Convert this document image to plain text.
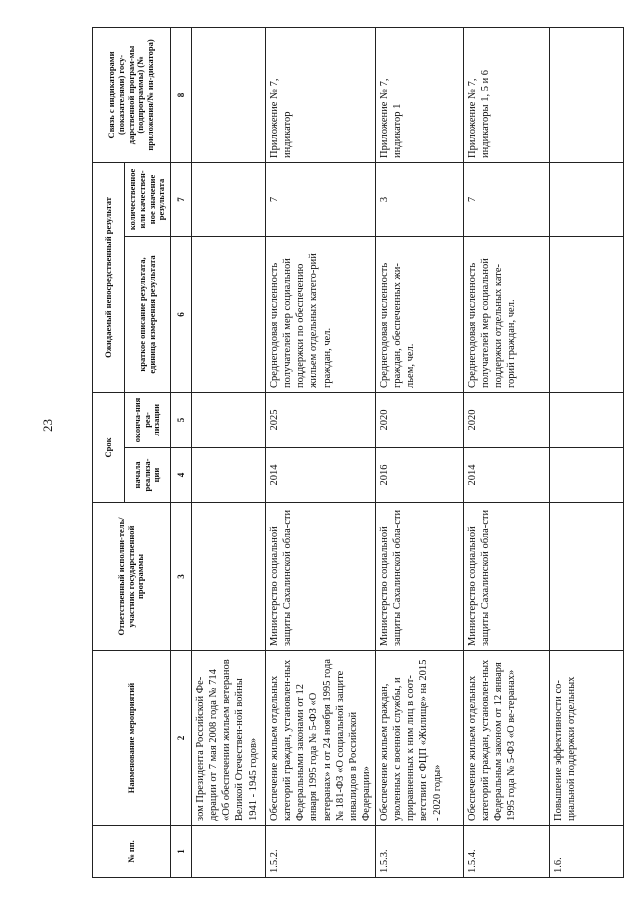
23
№ пп.	Наименование мероприятий	Ответственный исполни-тель/участник государственной программы	Срок		Ожидаемый непосредственный результат		Связь с индикаторами (показателями) госу-дарственной програм-мы (подпрограммы) (№ приложения/№ ин-дикатора)
			начала реализа-ции	оконча-ния реа-лизации	краткое описание результата, единица измерения результата	количественное или качествен-ное значение результата	
1	2	3	4	5	6	7	8
	зом Президента Российской Фе-дерации от 7 мая 2008 года № 714 «Об обеспечении жильем ветеранов Великой Отечествен-ной войны 1941 - 1945 годов»						
1.5.2.	Обеспечение жильем отдельных категорий граждан, установлен-ных Федеральными законами от 12 января 1995 года № 5-ФЗ «О ветеранах» и от 24 ноября 1995 года № 181-ФЗ «О социальной защите инвалидов в Российской Федерации»	Министерство социальной защиты Сахалинской обла-сти	2014	2025	Среднегодовая численность получателей мер социальной поддержки по обеспечению жильем отдельных катего-рий граждан, чел.	7	Приложение № 7, индикатор
1.5.3.	Обеспечение жильем граждан, уволенных с военной службы, и приравненных к ним лиц в соот-ветствии с ФЦП «Жилище» на 2015 - 2020 годы»	Министерство социальной защиты Сахалинской обла-сти	2016	2020	Среднегодовая численность граждан, обеспеченных жи-льем, чел.	3	Приложение № 7, индикатор 1
1.5.4.	Обеспечение жильем отдельных категорий граждан, установлен-ных Федеральным законом от 12 января 1995 года № 5-ФЗ «О ве-теранах»	Министерство социальной защиты Сахалинской обла-сти	2014	2020	Среднегодовая численность получателей мер социальной поддержки отдельных кате-горий граждан, чел.	7	Приложение № 7, индикаторы 1, 5 и 6
1.6.	Повышение эффективности со-циальной поддержки отдельных						
